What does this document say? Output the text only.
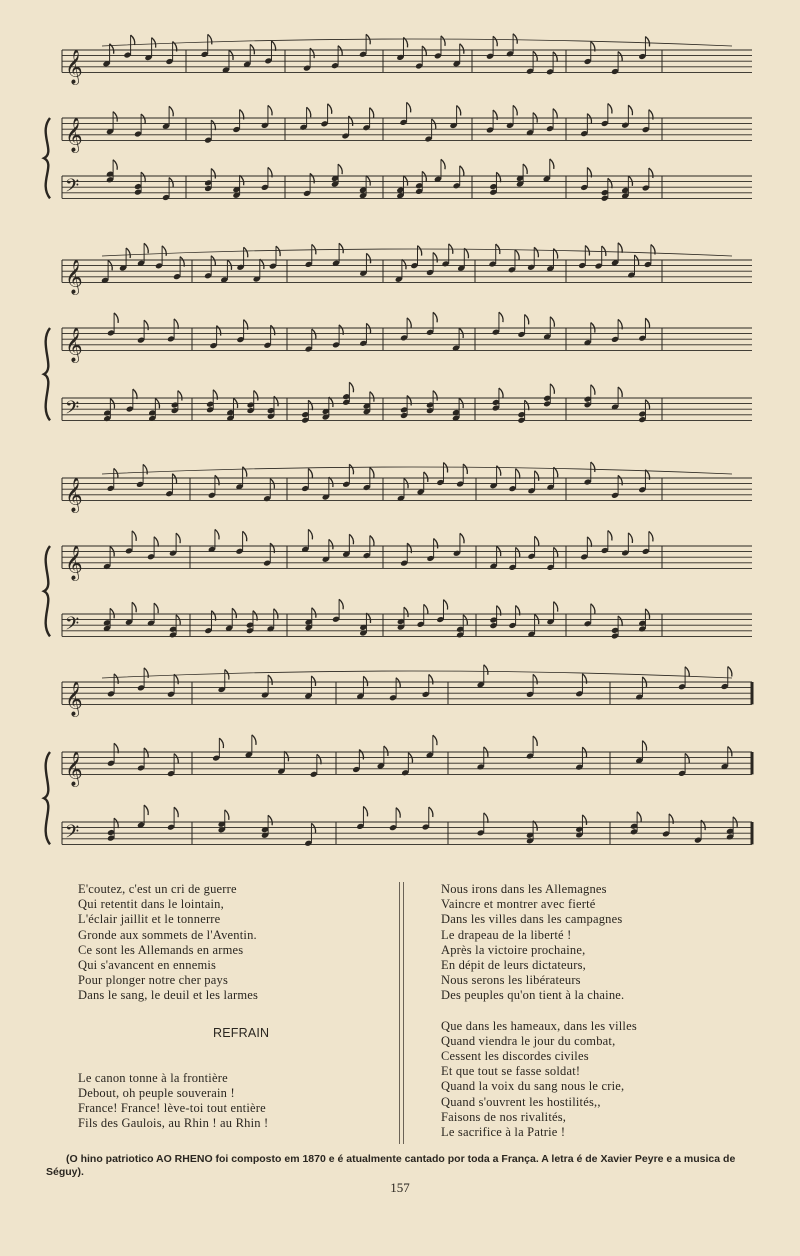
𝄞
𝄞
𝄢
𝄞
𝄞
𝄢
𝄞
𝄞
𝄢
𝄞
𝄞
𝄢
E'coutez, c'est un cri de guerre
Qui retentit dans le lointain,
L'éclair jaillit et le tonnerre
Gronde aux sommets de l'Aventin.
Ce sont les Allemands en armes
Qui s'avancent en ennemis
Pour plonger notre cher pays
Dans le sang, le deuil et les larmes
REFRAIN
Le canon tonne à la frontière
Debout, oh peuple souverain !
France! France! lève-toi tout entière
Fils des Gaulois, au Rhin ! au Rhin !
Nous irons dans les Allemagnes
Vaincre et montrer avec fierté
Dans les villes dans les campagnes
Le drapeau de la liberté !
Après la victoire prochaine,
En dépit de leurs dictateurs,
Nous serons les libérateurs
Des peuples qu'on tient à la chaine.
Que dans les hameaux, dans les villes
Quand viendra le jour du combat,
Cessent les discordes civiles
Et que tout se fasse soldat!
Quand la voix du sang nous le crie,
Quand s'ouvrent les hostilités,,
Faisons de nos rivalités,
Le sacrifice à la Patrie !
(O hino patriotico AO RHENO foi composto em 1870 e é atualmente cantado por toda a França. A letra é de Xavier Peyre e a musica de Séguy).
157
